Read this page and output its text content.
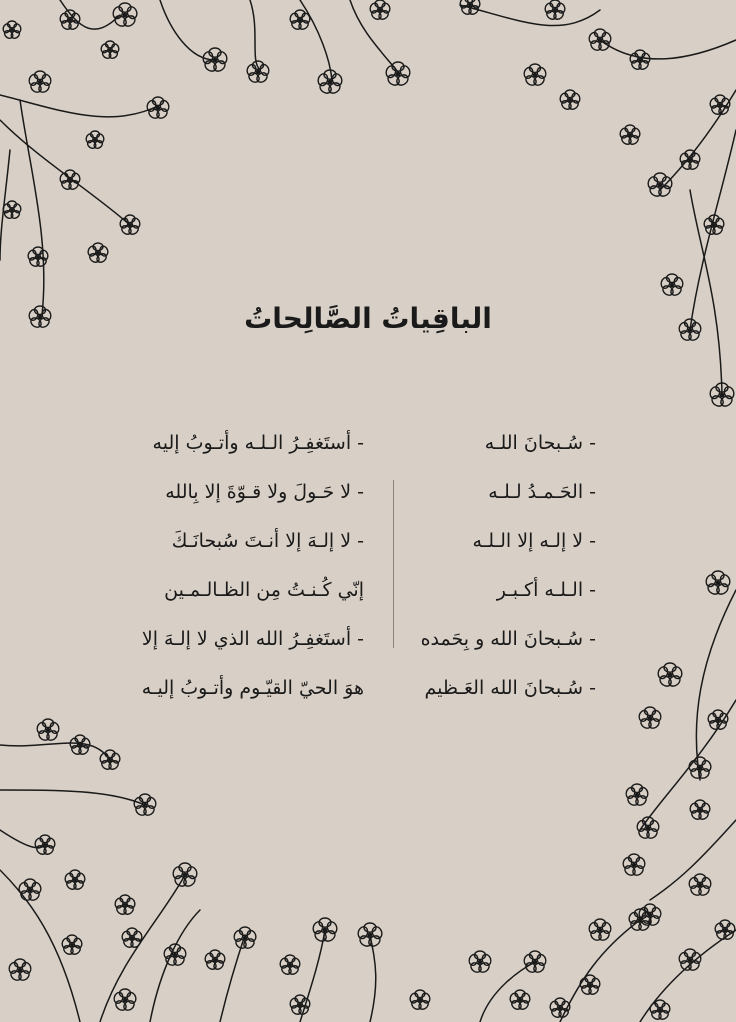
الباقِياتُ الصَّالِحاتُ
- سُـبحانَ اللـه
- الحَـمـدُ لـلـه
- لا إلـه إلا الـلـه
- الـلـه أكـبـر
- سُـبحانَ الله و بِحَمده
- سُـبحانَ الله العَـظيم
- أستَغفِـرُ الـلـه وأتـوبُ إليه
- لا حَـولَ ولا قـوّةَ إلا بِالله
- لا إلـهَ إلا أنـتَ سُبحانَـكَ
إنّي كُـنـتُ مِن الظـالـمـين
- أستَغفِـرُ الله الذي لا إلـهَ إلا
هوَ الحيّ القيّـوم وأتـوبُ إليـه
